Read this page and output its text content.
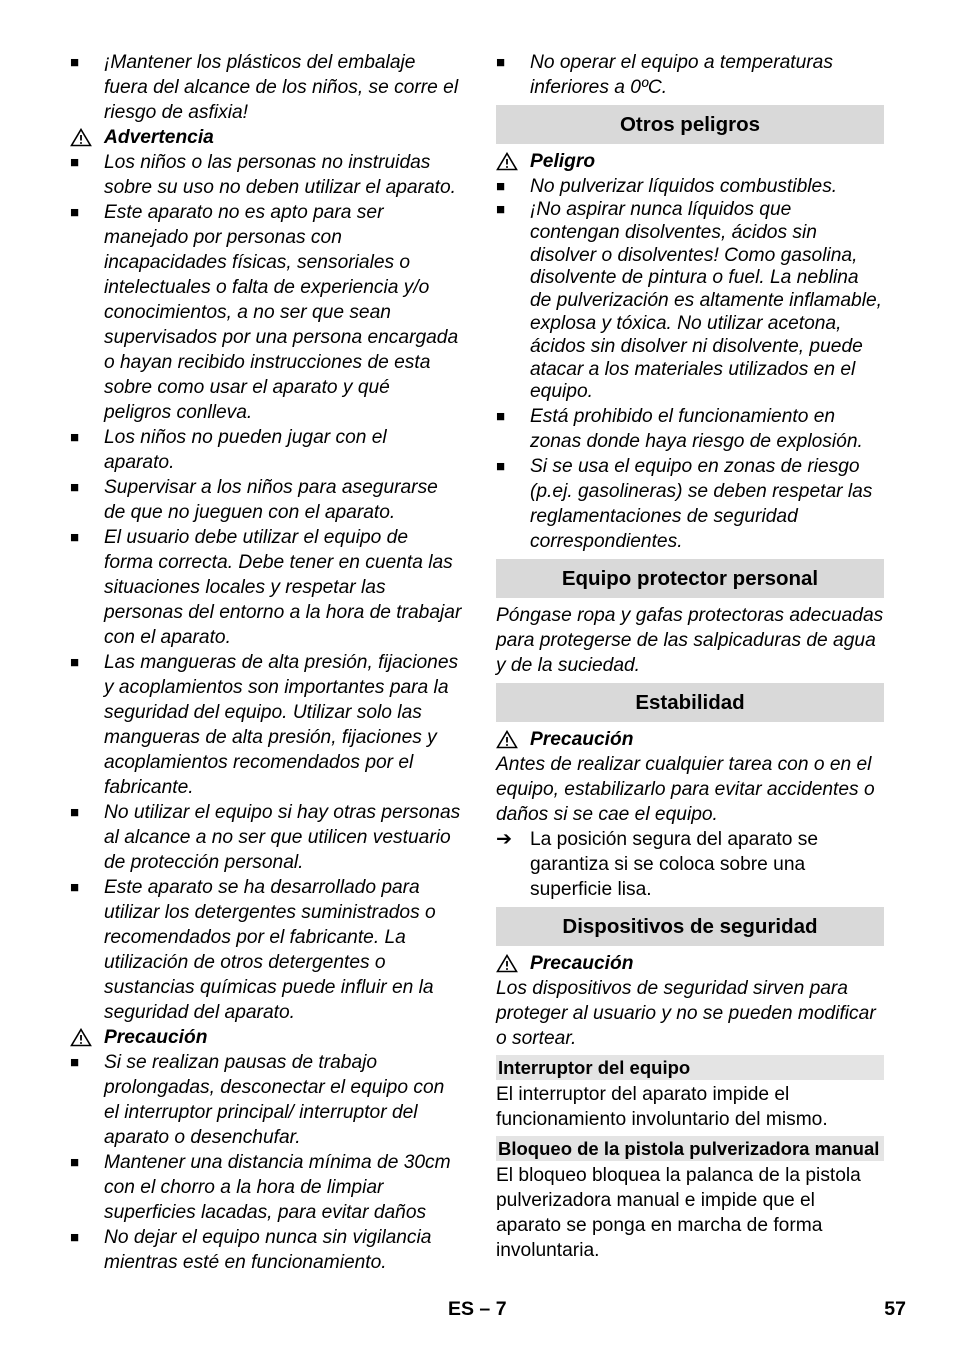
■	¡Mantener los plásticos del embalaje fuera del alcance de los niños, se corre el riesgo de asfixia!
Advertencia
■	Los niños o las personas no instruidas sobre su uso no deben utilizar el aparato.
■	Este aparato no es apto para ser manejado por personas con incapacidades físicas, sensoriales o intelectuales o falta de experiencia y/o conocimientos, a no ser que sean supervisados por una persona encargada o hayan recibido instrucciones de esta sobre como usar el aparato y qué peligros conlleva.
■	Los niños no pueden jugar con el aparato.
■	Supervisar a los niños para asegurarse de que no jueguen con el aparato.
■	El usuario debe utilizar el equipo de forma correcta. Debe tener en cuenta las situaciones locales y respetar las personas del entorno a la hora de trabajar con el aparato.
■	Las mangueras de alta presión, fijaciones y acoplamientos son importantes para la seguridad del equipo. Utilizar solo las mangueras de alta presión, fijaciones y acoplamientos recomendados por el fabricante.
■	No utilizar el equipo si hay otras personas al alcance a no ser que utilicen vestuario de protección personal.
■	Este aparato se ha desarrollado para utilizar los detergentes suministrados o recomendados por el fabricante. La utilización de otros detergentes o sustancias químicas puede influir en la seguridad del aparato.
Precaución
■	Si se realizan pausas de trabajo prolongadas, desconectar el equipo con el interruptor principal/ interruptor del aparato o desenchufar.
■	Mantener una distancia mínima de 30cm con el chorro a la hora de limpiar superficies lacadas, para evitar daños
■	No dejar el equipo nunca sin vigilancia mientras esté en funcionamiento.
■	No operar el equipo a temperaturas inferiores a 0ºC.
Otros peligros
Peligro
■	No pulverizar líquidos combustibles.
■	¡No aspirar nunca líquidos que contengan disolventes, ácidos sin disolver o disolventes! Como gasolina, disolvente de pintura o fuel. La neblina de pulverización es altamente inflamable, explosa y tóxica. No utilizar acetona, ácidos sin disolver ni disolvente, puede atacar a los materiales utilizados en el equipo.
■	Está prohibido el funcionamiento en zonas donde haya riesgo de explosión.
■	Si se usa el equipo en zonas de riesgo (p.ej. gasolineras) se deben respetar las reglamentaciones de seguridad correspondientes.
Equipo protector personal
Póngase ropa y gafas protectoras adecuadas para protegerse de las salpicaduras de agua y de la suciedad.
Estabilidad
Precaución
Antes de realizar cualquier tarea con o en el equipo, estabilizarlo para evitar accidentes o daños si se cae el equipo.
➔ La posición segura del aparato se garantiza si se coloca sobre una superficie lisa.
Dispositivos de seguridad
Precaución
Los dispositivos de seguridad sirven para proteger al usuario y no se pueden modificar o sortear.
Interruptor del equipo
El interruptor del aparato impide el funcionamiento involuntario del mismo.
Bloqueo de la pistola pulverizadora manual
El bloqueo bloquea la palanca de la pistola pulverizadora manual e impide que el aparato se ponga en marcha de forma involuntaria.
ES – 7	57
